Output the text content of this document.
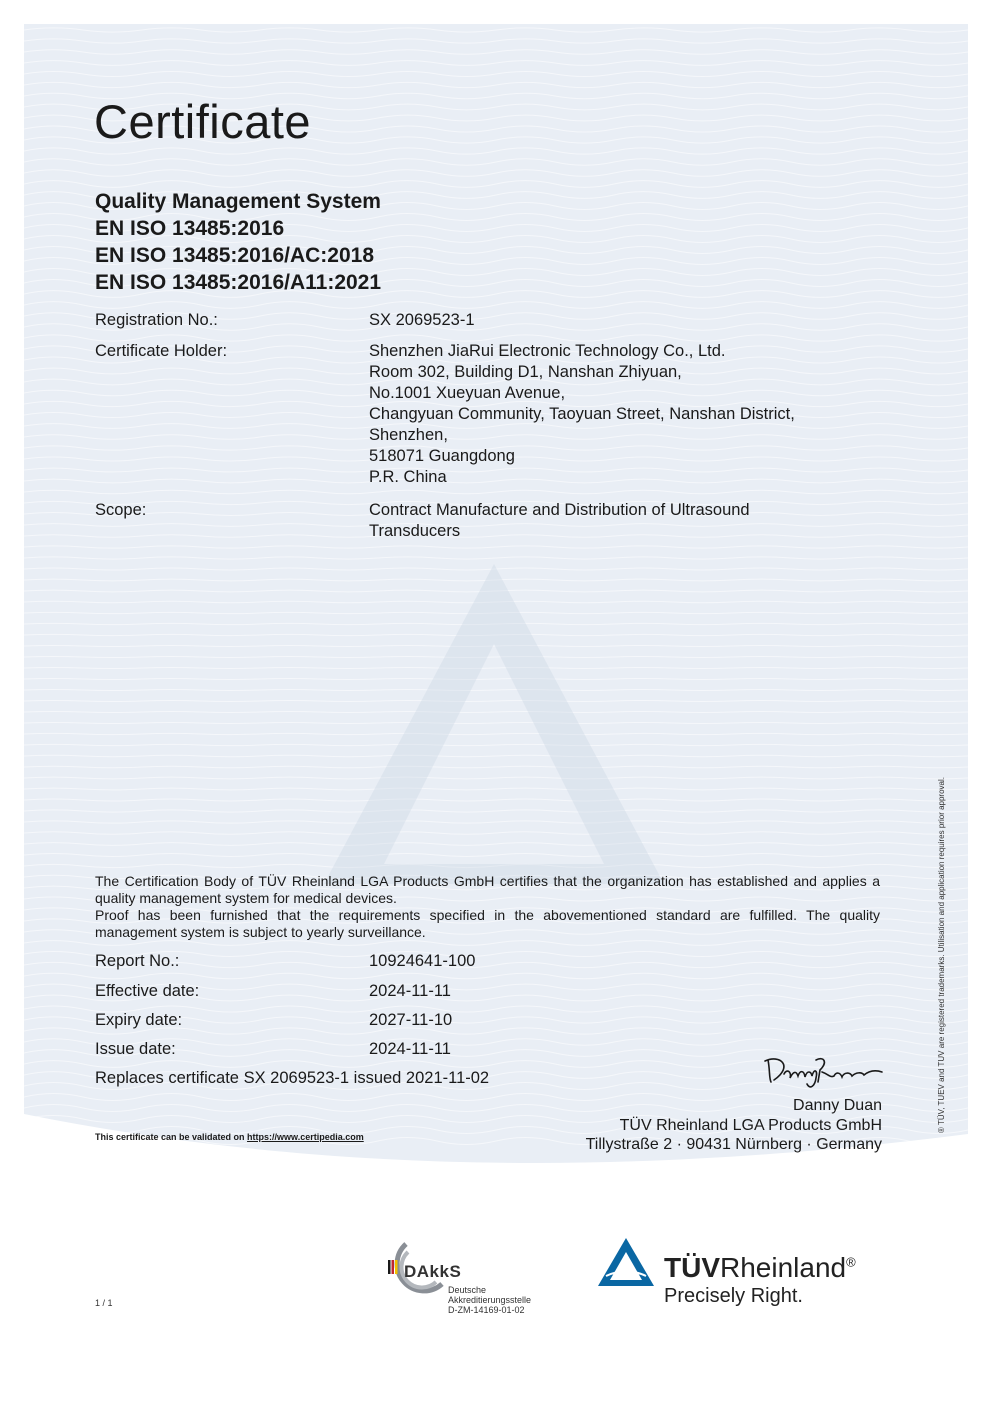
Certificate
Quality Management System
EN ISO 13485:2016
EN ISO 13485:2016/AC:2018
EN ISO 13485:2016/A11:2021
Registration No.:	SX 2069523-1
Certificate Holder:	Shenzhen JiaRui Electronic Technology Co., Ltd.
Room 302, Building D1, Nanshan Zhiyuan,
No.1001 Xueyuan Avenue,
Changyuan Community, Taoyuan Street, Nanshan District,
Shenzhen,
518071 Guangdong
P.R. China
Scope:	Contract Manufacture and Distribution of Ultrasound
Transducers
The Certification Body of TÜV Rheinland LGA Products GmbH certifies that the organization has established and applies a quality management system for medical devices.
Proof has been furnished that the requirements specified in the abovementioned standard are fulfilled. The quality management system is subject to yearly surveillance.
Report No.:	10924641-100
Effective date:	2024-11-11
Expiry date:	2027-11-10
Issue date:	2024-11-11
Replaces certificate SX 2069523-1 issued 2021-11-02
Danny Duan
TÜV Rheinland LGA Products GmbH
Tillystraße 2 · 90431 Nürnberg · Germany
This certificate can be validated on https://www.certipedia.com
® TÜV, TUEV and TUV are registered trademarks. Utilisation and application requires prior approval.
1 / 1
DAkkS
Deutsche
Akkreditierungsstelle
D-ZM-14169-01-02
TÜVRheinland®
Precisely Right.
